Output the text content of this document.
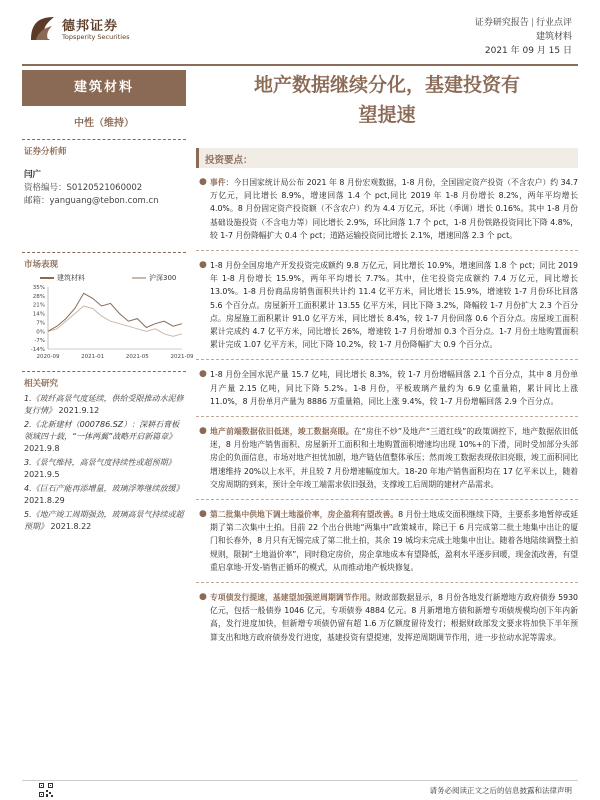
德邦证券
Topsperity Securities
证券研究报告 | 行业点评
建筑材料
2021 年 09 月 15 日
建筑材料
中性（维持）
证券分析师
闫广
资格编号：S0120521060002
邮箱：yanguang@tebon.com.cn
市场表现
建筑材料	沪深300
35%
28%
21%
14%
7%
0%
-7%
-14%
2020-09	2021-01	2021-05	2021-09
相关研究
1.《玻纤高景气度延续，供给受限推动水泥修复行情》 2021.9.12
2.《北新建材（000786.SZ）：深耕石膏板领域四十载，“一体两翼”战略开启新篇章》 2021.9.8
3.《景气维持，高景气度持续性或超预期》 2021.9.5
4.《巨石产能再添增量，玻璃浮筹继续放缓》 2021.8.29
5.《地产竣工周期强劲，玻璃高景气持续或超预期》 2021.8.22
地产数据继续分化，基建投资有
望提速
投资要点：
● 事件：今日国家统计局公布 2021 年 8 月份宏观数据，1-8 月份，全国固定资产投资（不含农户）约 34.7 万亿元，同比增长 8.9%，增速回落 1.4 个 pct,同比 2019 年 1-8 月份增长 8.2%，两年平均增长 4.0%。8 月份固定资产投资额（不含农户）约为 4.4 万亿元，环比（季调）增长 0.16%。其中 1-8 月份基础设施投资（不含电力等）同比增长 2.9%，环比回落 1.7 个 pct，1-8 月份铁路投资同比下降 4.8%，较 1-7 月份降幅扩大 0.4 个 pct；道路运输投资同比增长 2.1%，增速回落 2.3 个 pct。
● 1-8 月份全国房地产开发投资完成额约 9.8 万亿元，同比增长 10.9%，增速回落 1.8 个 pct；同比 2019 年 1-8 月份增长 15.9%，两年平均增长 7.7%。其中，住宅投资完成额约 7.4 万亿元，同比增长 13.0%。1-8 月份商品房销售面积共计约 11.4 亿平方米，同比增长 15.9%，增速较 1-7 月份环比回落 5.6 个百分点。房屋新开工面积累计 13.55 亿平方米，同比下降 3.2%，降幅较 1-7 月份扩大 2.3 个百分点。房屋施工面积累计 91.0 亿平方米，同比增长 8.4%，较 1-7 月份回落 0.6 个百分点。房屋竣工面积累计完成约 4.7 亿平方米，同比增长 26%，增速较 1-7 月份增加 0.3 个百分点。1-7 月份土地购置面积累计完成 1.07 亿平方米，同比下降 10.2%，较 1-7 月份降幅扩大 0.9 个百分点。
● 1-8 月份全国水泥产量 15.7 亿吨，同比增长 8.3%，较 1-7 月份增幅回落 2.1 个百分点，其中 8 月份单月产量 2.15 亿吨，同比下降 5.2%。1-8 月份，平板玻璃产量约为 6.9 亿重量箱，累计同比上涨 11.0%，8 月份单月产量为 8886 万重量箱，同比上涨 9.4%，较 1-7 月份增幅回落 2.9 个百分点。
● 地产前端数据依旧低迷，竣工数据亮眼。在“房住不炒”及地产“三道红线”的政策调控下，地产数据依旧低迷，8 月份地产销售面积、房屋新开工面积和土地购置面积增速均出现 10%+的下滑，同时受加部分头部房企的负面信息，市场对地产担忧加剧，地产链估值整体承压；然而竣工数据表现依旧亮眼，竣工面积同比增速维持 20%以上水平，并且较 7 月份增速幅度加大。18-20 年地产销售面积均在 17 亿平米以上，随着交房周期的到来，预计全年竣工端需求依旧强劲，支撑竣工后周期的建材产品需求。
● 第二批集中供地下调土地溢价率，房企盈利有望改善。8 月份土地成交面积继续下降，主要系多地暂停或延期了第二次集中土拍。目前 22 个出台供地“两集中”政策城市，除已于 6 月完成第二批土地集中出让的厦门和长春外，8 月只有无锡完成了第二批土拍，其余 19 城均未完成土地集中出让。随着各地陆续调整土拍规则，限制“土地溢价率”，同时稳定房价，房企拿地成本有望降低，盈利水平逐步回暖，现金流改善，有望重启拿地-开发-销售正循环的模式，从而推动地产板块修复。
● 专项债发行提速，基建望加强逆周期调节作用。财政部数据显示，8 月份各地发行新增地方政府债券 5930 亿元，包括一般债券 1046 亿元，专项债券 4884 亿元。8 月新增地方债和新增专项债规模均创下年内新高，发行进度加快，但新增专项债仍留有超 1.6 万亿额度留待发行；根据财政部发文要求将加快下半年预算支出和地方政府债券发行进度，基建投资有望提速，发挥逆周期调节作用，进一步拉动水泥等需求。
请务必阅读正文之后的信息披露和法律声明
